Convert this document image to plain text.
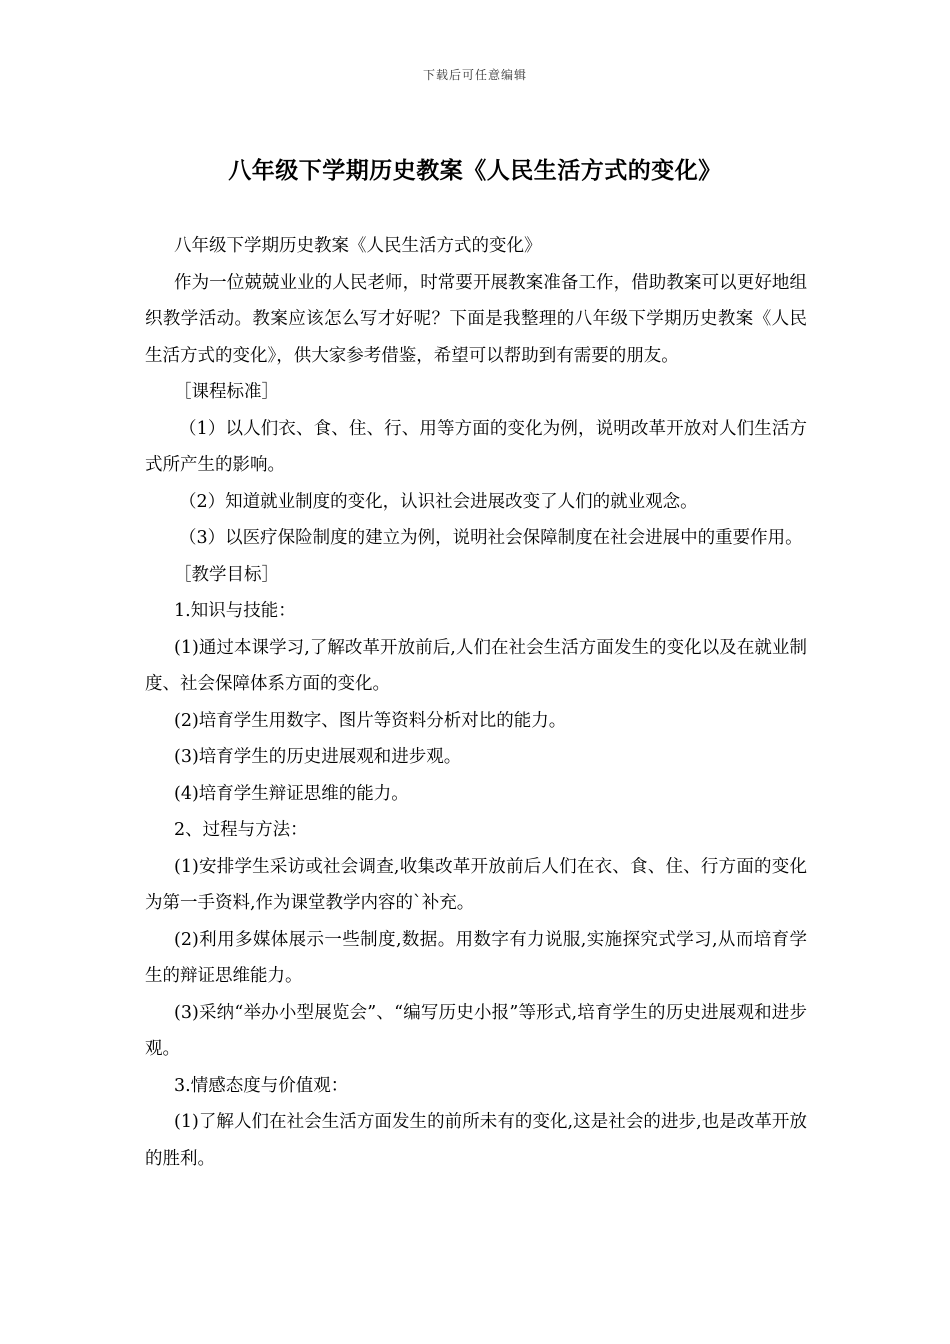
下载后可任意编辑
八年级下学期历史教案《人民生活方式的变化》

八年级下学期历史教案《人民生活方式的变化》

作为一位兢兢业业的人民老师，时常要开展教案准备工作，借助教案可以更好地组织教学活动。教案应该怎么写才好呢？下面是我整理的八年级下学期历史教案《人民生活方式的变化》，供大家参考借鉴，希望可以帮助到有需要的朋友。

［课程标准］

（1）以人们衣、食、住、行、用等方面的变化为例，说明改革开放对人们生活方式所产生的影响。

（2）知道就业制度的变化，认识社会进展改变了人们的就业观念。

（3）以医疗保险制度的建立为例，说明社会保障制度在社会进展中的重要作用。

［教学目标］

1.知识与技能：

(1)通过本课学习,了解改革开放前后,人们在社会生活方面发生的变化以及在就业制度、社会保障体系方面的变化。

(2)培育学生用数字、图片等资料分析对比的能力。

(3)培育学生的历史进展观和进步观。

(4)培育学生辩证思维的能力。

2、过程与方法：

(1)安排学生采访或社会调查,收集改革开放前后人们在衣、食、住、行方面的变化为第一手资料,作为课堂教学内容的`补充。

(2)利用多媒体展示一些制度,数据。用数字有力说服,实施探究式学习,从而培育学生的辩证思维能力。

(3)采纳“举办小型展览会”、“编写历史小报”等形式,培育学生的历史进展观和进步观。

3.情感态度与价值观：

(1)了解人们在社会生活方面发生的前所未有的变化,这是社会的进步,也是改革开放的胜利。
